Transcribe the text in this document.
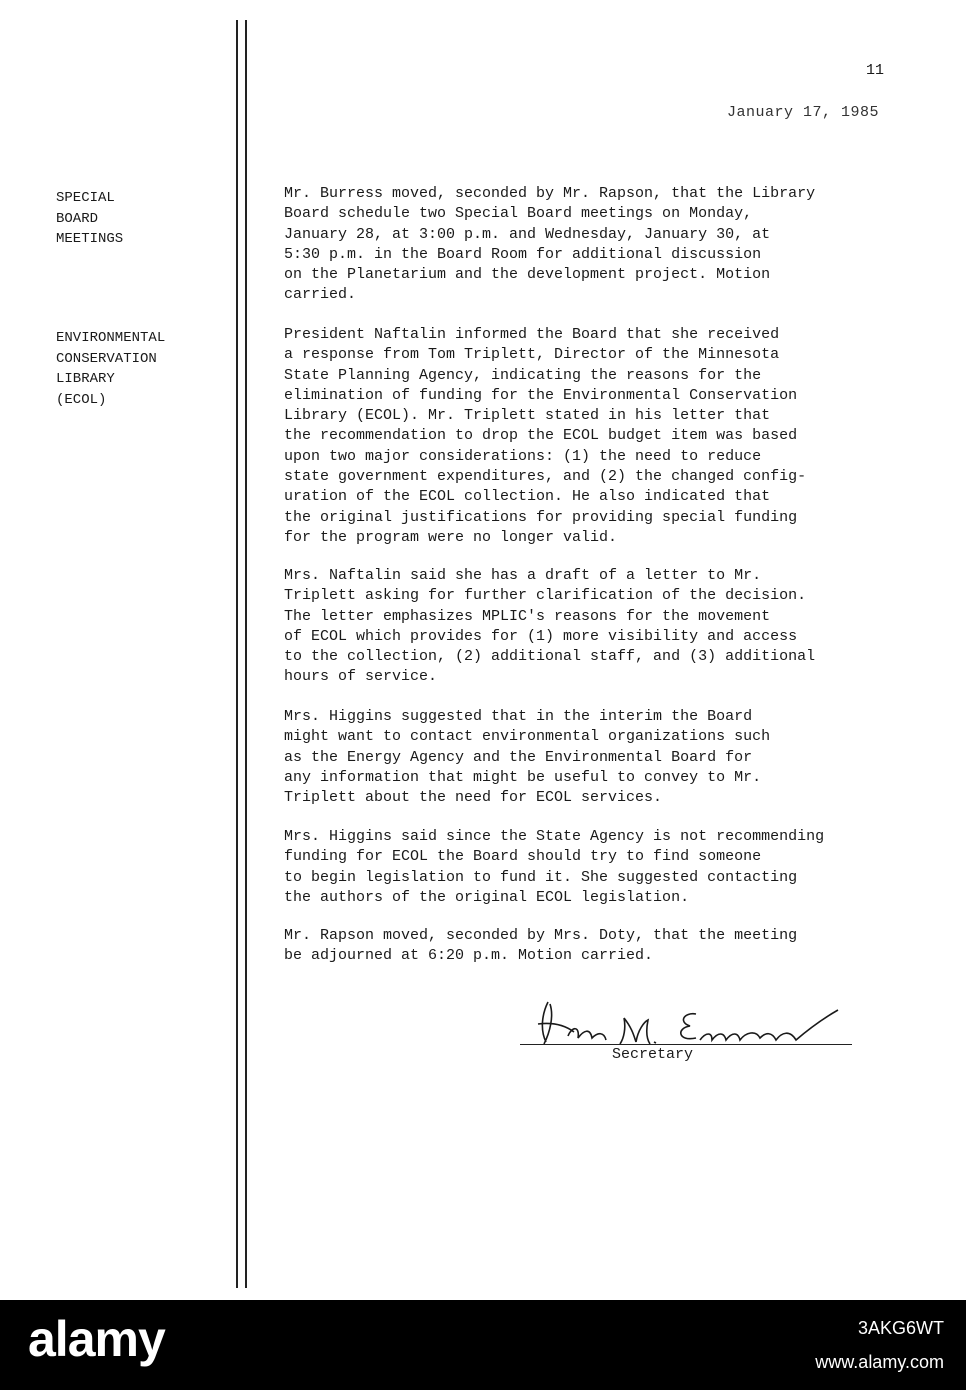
11
January 17, 1985
SPECIAL
BOARD
MEETINGS
ENVIRONMENTAL
CONSERVATION
LIBRARY
(ECOL)
Mr. Burress moved, seconded by Mr. Rapson, that the Library
Board schedule two Special Board meetings on Monday,
January 28, at 3:00 p.m. and Wednesday, January 30, at
5:30 p.m. in the Board Room for additional discussion
on the Planetarium and the development project. Motion
carried.
President Naftalin informed the Board that she received
a response from Tom Triplett, Director of the Minnesota
State Planning Agency, indicating the reasons for the
elimination of funding for the Environmental Conservation
Library (ECOL). Mr. Triplett stated in his letter that
the recommendation to drop the ECOL budget item was based
upon two major considerations: (1) the need to reduce
state government expenditures, and (2) the changed config-
uration of the ECOL collection. He also indicated that
the original justifications for providing special funding
for the program were no longer valid.
Mrs. Naftalin said she has a draft of a letter to Mr.
Triplett asking for further clarification of the decision.
The letter emphasizes MPLIC's reasons for the movement
of ECOL which provides for (1) more visibility and access
to the collection, (2) additional staff, and (3) additional
hours of service.
Mrs. Higgins suggested that in the interim the Board
might want to contact environmental organizations such
as the Energy Agency and the Environmental Board for
any information that might be useful to convey to Mr.
Triplett about the need for ECOL services.
Mrs. Higgins said since the State Agency is not recommending
funding for ECOL the Board should try to find someone
to begin legislation to fund it. She suggested contacting
the authors of the original ECOL legislation.
Mr. Rapson moved, seconded by Mrs. Doty, that the meeting
be adjourned at 6:20 p.m. Motion carried.
Secretary
alamy	3AKG6WT
www.alamy.com
